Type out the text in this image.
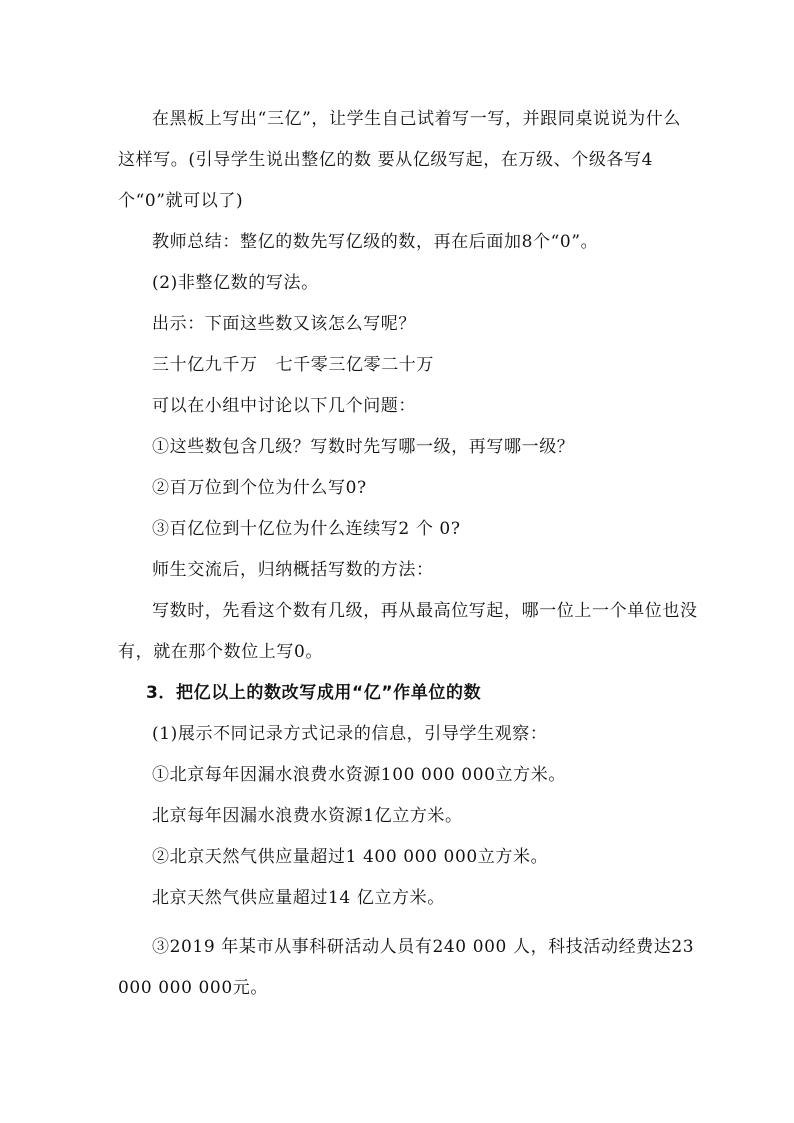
在黑板上写出“三亿”，让学生自己试着写一写，并跟同桌说说为什么这样写。(引导学生说出整亿的数 要从亿级写起，在万级、个级各写4个“0”就可以了)

教师总结：整亿的数先写亿级的数，再在后面加8个“0”。

(2)非整亿数的写法。

出示：下面这些数又该怎么写呢？

三十亿九千万 七千零三亿零二十万

可以在小组中讨论以下几个问题：

①这些数包含几级？写数时先写哪一级，再写哪一级？

②百万位到个位为什么写0?

③百亿位到十亿位为什么连续写2 个 0?

师生交流后，归纳概括写数的方法：

写数时，先看这个数有几级，再从最高位写起，哪一位上一个单位也没有，就在那个数位上写0。

3．把亿以上的数改写成用“亿”作单位的数

(1)展示不同记录方式记录的信息，引导学生观察：

①北京每年因漏水浪费水资源100 000 000立方米。

北京每年因漏水浪费水资源1亿立方米。

②北京天然气供应量超过1 400 000 000立方米。

北京天然气供应量超过14 亿立方米。

③2019 年某市从事科研活动人员有240 000 人，科技活动经费达23 000 000 000元。
